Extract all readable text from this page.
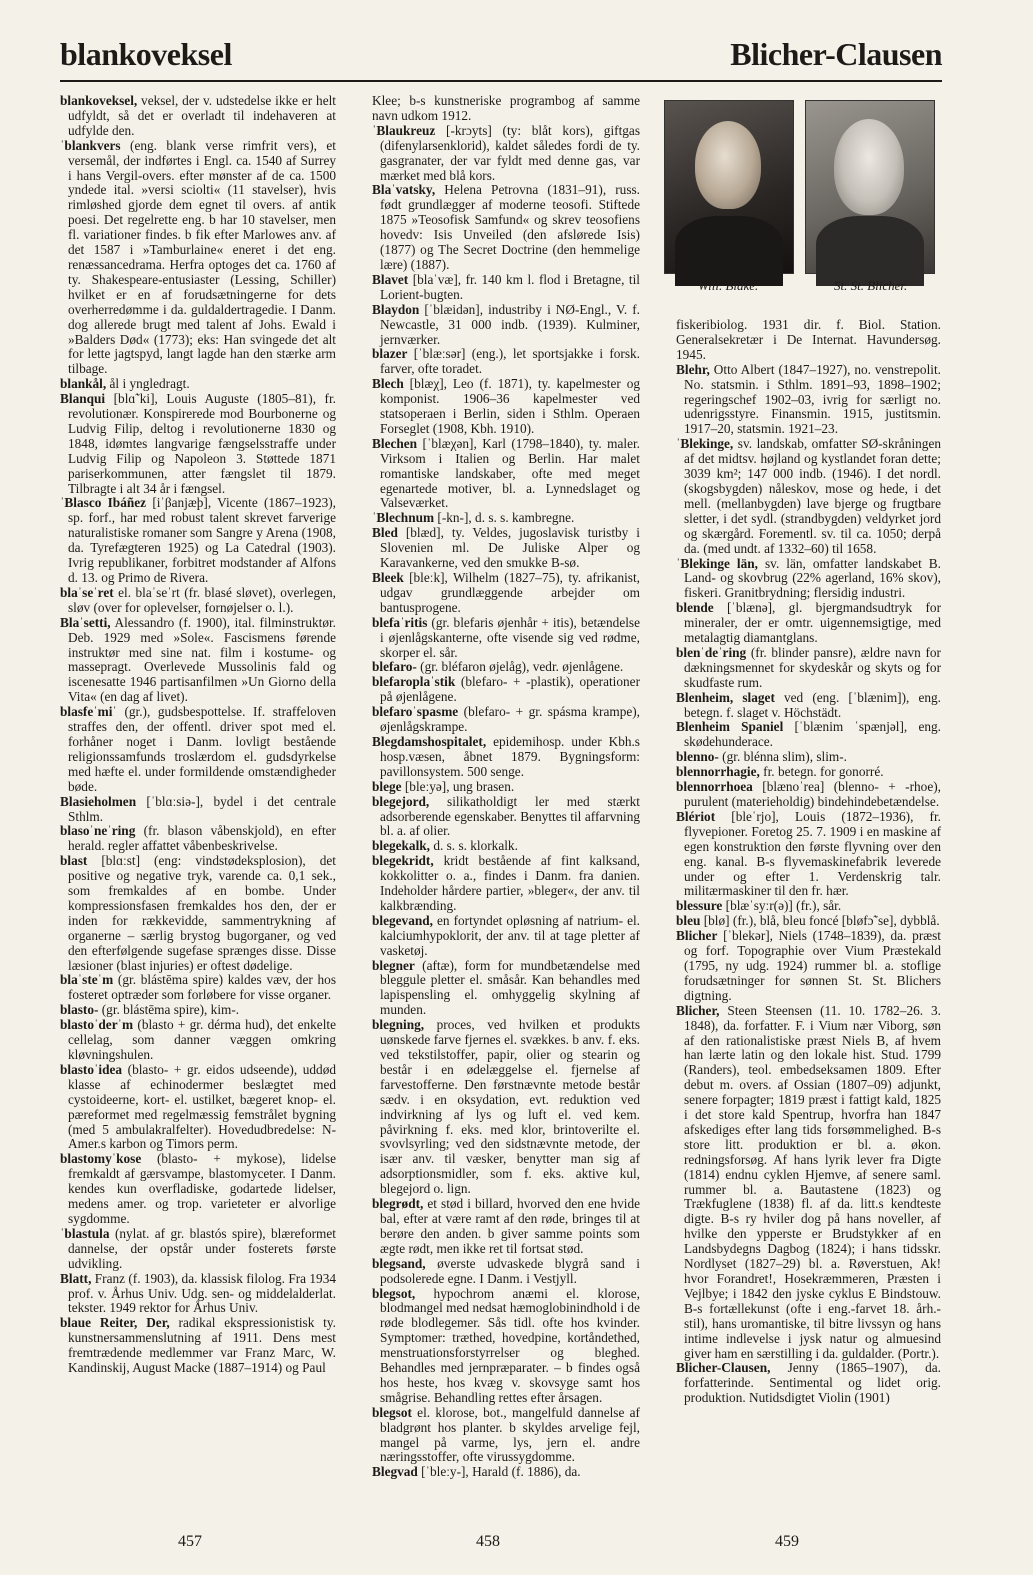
blankoveksel	Blicher-Clausen

blankoveksel, veksel, der v. udstedelse ikke er helt udfyldt, så det er overladt til indehaveren at udfylde den.

ˈblankvers (eng. blank verse rimfrit vers), et versemål, der indførtes i Engl. ca. 1540 af Surrey i hans Vergil-overs. efter mønster af de ca. 1500 yndede ital. »versi sciolti« (11 stavelser), hvis rimløshed gjorde dem egnet til overs. af antik poesi. Det regelrette eng. b har 10 stavelser, men fl. variationer findes. b fik efter Marlowes anv. af det 1587 i »Tamburlaine« eneret i det eng. renæssancedrama. Herfra optoges det ca. 1760 af ty. Shakespeare-entusiaster (Lessing, Schiller) hvilket er en af forudsætningerne for dets overherredømme i da. guldaldertragedie. I Danm. dog allerede brugt med talent af Johs. Ewald i »Balders Død« (1773); eks: Han svingede det alt for lette jagtspyd, langt lagde han den stærke arm tilbage.

blankål, ål i yngledragt.

Blanqui [blɑ̃ˈki], Louis Auguste (1805–81), fr. revolutionær. Konspirerede mod Bourbonerne og Ludvig Filip, deltog i revolutionerne 1830 og 1848, idømtes langvarige fængselsstraffe under Ludvig Filip og Napoleon 3. Støttede 1871 pariserkommunen, atter fængslet til 1879. Tilbragte i alt 34 år i fængsel.

ˈBlasco Ibáñez [iˈβanjæþ], Vicente (1867–1923), sp. forf., har med robust talent skrevet farverige naturalistiske romaner som Sangre y Arena (1908, da. Tyrefægteren 1925) og La Catedral (1903). Ivrig republikaner, forbitret modstander af Alfons d. 13. og Primo de Rivera.

blaˈseˈret el. blaˈseˈrt (fr. blasé sløvet), overlegen, sløv (over for oplevelser, fornøjelser o. l.).

Blaˈsetti, Alessandro (f. 1900), ital. filminstruktør. Deb. 1929 med »Sole«. Fascismens førende instruktør med sine nat. film i kostume- og massepragt. Overlevede Mussolinis fald og iscenesatte 1946 partisanfilmen »Un Giorno della Vita« (en dag af livet).

blasfeˈmiˈ (gr.), gudsbespottelse. If. straffeloven straffes den, der offentl. driver spot med el. forhåner noget i Danm. lovligt bestående religionssamfunds troslærdom el. gudsdyrkelse med hæfte el. under formildende omstændigheder bøde.

Blasieholmen [ˈblɑːsiə-], bydel i det centrale Sthlm.

blasoˈneˈring (fr. blason våbenskjold), en efter herald. regler affattet våbenbeskrivelse.

blast [blɑːst] (eng: vindstødeksplosion), det positive og negative tryk, varende ca. 0,1 sek., som fremkaldes af en bombe. Under kompressionsfasen fremkaldes hos den, der er inden for rækkevidde, sammentrykning af organerne – særlig brystog bugorganer, og ved den efterfølgende sugefase sprænges disse. Disse læsioner (blast injuries) er oftest dødelige.

blaˈsteˈm (gr. blástēma spire) kaldes væv, der hos fosteret optræder som forløbere for visse organer.

blasto- (gr. blástēma spire), kim-.

blastoˈderˈm (blasto + gr. dérma hud), det enkelte cellelag, som danner væggen omkring kløvningshulen.

blastoˈidea (blasto- + gr. eidos udseende), uddød klasse af echinodermer beslægtet med cystoideerne, kort- el. ustilket, bægeret knop- el. pæreformet med regelmæssig femstrålet bygning (med 5 ambulakralfelter). Hovedudbredelse: N-Amer.s karbon og Timors perm.

blastomyˈkose (blasto- + mykose), lidelse fremkaldt af gærsvampe, blastomyceter. I Danm. kendes kun overfladiske, godartede lidelser, medens amer. og trop. varieteter er alvorlige sygdomme.

ˈblastula (nylat. af gr. blastós spire), blæreformet dannelse, der opstår under fosterets første udvikling.

Blatt, Franz (f. 1903), da. klassisk filolog. Fra 1934 prof. v. Århus Univ. Udg. sen- og middelalderlat. tekster. 1949 rektor for Århus Univ.

blaue Reiter, Der, radikal ekspressionistisk ty. kunstnersammenslutning af 1911. Dens mest fremtrædende medlemmer var Franz Marc, W. Kandinskij, August Macke (1887–1914) og Paul

Klee; b-s kunstneriske programbog af samme navn udkom 1912.

ˈBlaukreuz [-krɔyts] (ty: blåt kors), giftgas (difenylarsenklorid), kaldet således fordi de ty. gasgranater, der var fyldt med denne gas, var mærket med blå kors.

Blaˈvatsky, Helena Petrovna (1831–91), russ. født grundlægger af moderne teosofi. Stiftede 1875 »Teosofisk Samfund« og skrev teosofiens hovedv: Isis Unveiled (den afslørede Isis) (1877) og The Secret Doctrine (den hemmelige lære) (1887).

Blavet [blaˈvæ], fr. 140 km l. flod i Bretagne, til Lorient-bugten.

Blaydon [ˈblæidən], industriby i NØ-Engl., V. f. Newcastle, 31 000 indb. (1939). Kulminer, jernværker.

blazer [ˈblæːsər] (eng.), let sportsjakke i forsk. farver, ofte toradet.

Blech [blæχ], Leo (f. 1871), ty. kapelmester og komponist. 1906–36 kapelmester ved statsoperaen i Berlin, siden i Sthlm. Operaen Forseglet (1908, Kbh. 1910).

Blechen [ˈblæχən], Karl (1798–1840), ty. maler. Virksom i Italien og Berlin. Har malet romantiske landskaber, ofte med meget egenartede motiver, bl. a. Lynnedslaget og Valseværket.

ˈBlechnum [-kn-], d. s. s. kambregne.

Bled [blæd], ty. Veldes, jugoslavisk turistby i Slovenien ml. De Juliske Alper og Karavankerne, ved den smukke B-sø.

Bleek [bleːk], Wilhelm (1827–75), ty. afrikanist, udgav grundlæggende arbejder om bantusprogene.

blefaˈritis (gr. blefaris øjenhår + itis), betændelse i øjenlågskanterne, ofte visende sig ved rødme, skorper el. sår.

blefaro- (gr. bléfaron øjelåg), vedr. øjenlågene.

blefaroplaˈstik (blefaro- + -plastik), operationer på øjenlågene.

blefaroˈspasme (blefaro- + gr. spásma krampe), øjenlågskrampe.

Blegdamshospitalet, epidemihosp. under Kbh.s hosp.væsen, åbnet 1879. Bygningsform: pavillonsystem. 500 senge.

blege [bleːyə], ung brasen.

blegejord, silikatholdigt ler med stærkt adsorberende egenskaber. Benyttes til affarvning bl. a. af olier.

blegekalk, d. s. s. klorkalk.

blegekridt, kridt bestående af fint kalksand, kokkolitter o. a., findes i Danm. fra danien. Indeholder hårdere partier, »bleger«, der anv. til kalkbrænding.

blegevand, en fortyndet opløsning af natrium- el. kalciumhypoklorit, der anv. til at tage pletter af vasketøj.

blegner (aftæ), form for mundbetændelse med bleggule pletter el. småsår. Kan behandles med lapispensling el. omhyggelig skylning af munden.

blegning, proces, ved hvilken et produkts uønskede farve fjernes el. svækkes. b anv. f. eks. ved tekstilstoffer, papir, olier og stearin og består i en ødelæggelse el. fjernelse af farvestofferne. Den førstnævnte metode består sædv. i en oksydation, evt. reduktion ved indvirkning af lys og luft el. ved kem. påvirkning f. eks. med klor, brintoverilte el. svovlsyrling; ved den sidstnævnte metode, der især anv. til væsker, benytter man sig af adsorptionsmidler, som f. eks. aktive kul, blegejord o. lign.

blegrødt, et stød i billard, hvorved den ene hvide bal, efter at være ramt af den røde, bringes til at berøre den anden. b giver samme points som ægte rødt, men ikke ret til fortsat stød.

blegsand, øverste udvaskede blygrå sand i podsolerede egne. I Danm. i Vestjyll.

blegsot, hypochrom anæmi el. klorose, blodmangel med nedsat hæmoglobinindhold i de røde blodlegemer. Sås tidl. ofte hos kvinder. Symptomer: træthed, hovedpine, kortåndethed, menstruationsforstyrrelser og bleghed. Behandles med jernpræparater. – b findes også hos heste, hos kvæg v. skovsyge samt hos smågrise. Behandling rettes efter årsagen.

blegsot el. klorose, bot., mangelfuld dannelse af bladgrønt hos planter. b skyldes arvelige fejl, mangel på varme, lys, jern el. andre næringsstoffer, ofte virussygdomme.

Blegvad [ˈbleːy-], Harald (f. 1886), da.

Will. Blake.	St. St. Blicher.

fiskeribiolog. 1931 dir. f. Biol. Station. Generalsekretær i De Internat. Havundersøg. 1945.

Blehr, Otto Albert (1847–1927), no. venstrepolit. No. statsmin. i Sthlm. 1891–93, 1898–1902; regeringschef 1902–03, ivrig for særligt no. udenrigsstyre. Finansmin. 1915, justitsmin. 1917–20, statsmin. 1921–23.

ˈBlekinge, sv. landskab, omfatter SØ-skråningen af det midtsv. højland og kystlandet foran dette; 3039 km²; 147 000 indb. (1946). I det nordl. (skogsbygden) nåleskov, mose og hede, i det mell. (mellanbygden) lave bjerge og frugtbare sletter, i det sydl. (strandbygden) veldyrket jord og skærgård. Forementl. sv. til ca. 1050; derpå da. (med undt. af 1332–60) til 1658.

ˈBlekinge län, sv. län, omfatter landskabet B. Land- og skovbrug (22% agerland, 16% skov), fiskeri. Granitbrydning; flersidig industri.

blende [ˈblænə], gl. bjergmandsudtryk for mineraler, der er omtr. uigennemsigtige, med metalagtig diamantglans.

blenˈdeˈring (fr. blinder pansre), ældre navn for dækningsmennet for skydeskår og skyts og for skudfaste rum.

Blenheim, slaget ved (eng. [ˈblænim]), eng. betegn. f. slaget v. Höchstädt.

Blenheim Spaniel [ˈblænim ˈspænjəl], eng. skødehunderace.

blenno- (gr. blénna slim), slim-.

blennorrhagie, fr. betegn. for gonorré.

blennorrhoea [blænoˈrea] (blenno- + -rhoe), purulent (materieholdig) bindehindebetændelse.

Blériot [bleˈrjo], Louis (1872–1936), fr. flyvepioner. Foretog 25. 7. 1909 i en maskine af egen konstruktion den første flyvning over den eng. kanal. B-s flyvemaskinefabrik leverede under og efter 1. Verdenskrig talr. militærmaskiner til den fr. hær.

blessure [blæˈsyːr(ə)] (fr.), sår.

bleu [blø] (fr.), blå, bleu foncé [bløfɔ̃ˈse], dybblå.

Blicher [ˈblekər], Niels (1748–1839), da. præst og forf. Topographie over Vium Præstekald (1795, ny udg. 1924) rummer bl. a. stoflige forudsætninger for sønnen St. St. Blichers digtning.

Blicher, Steen Steensen (11. 10. 1782–26. 3. 1848), da. forfatter. F. i Vium nær Viborg, søn af den rationalistiske præst Niels B, af hvem han lærte latin og den lokale hist. Stud. 1799 (Randers), teol. embedseksamen 1809. Efter debut m. overs. af Ossian (1807–09) adjunkt, senere forpagter; 1819 præst i fattigt kald, 1825 i det store kald Spentrup, hvorfra han 1847 afskediges efter lang tids forsømmelighed. B-s store litt. produktion er bl. a. økon. redningsforsøg. Af hans lyrik lever fra Digte (1814) endnu cyklen Hjemve, af senere saml. rummer bl. a. Bautastene (1823) og Trækfuglene (1838) fl. af da. litt.s kendteste digte. B-s ry hviler dog på hans noveller, af hvilke den ypperste er Brudstykker af en Landsbydegns Dagbog (1824); i hans tidsskr. Nordlyset (1827–29) bl. a. Røverstuen, Ak! hvor Forandret!, Hosekræmmeren, Præsten i Vejlbye; i 1842 den jyske cyklus E Bindstouw. B-s fortællekunst (ofte i eng.-farvet 18. årh.-stil), hans uromantiske, til bitre livssyn og hans intime indlevelse i jysk natur og almuesind giver ham en særstilling i da. guldalder. (Portr.).

Blicher-Clausen, Jenny (1865–1907), da. forfatterinde. Sentimental og lidet orig. produktion. Nutidsdigtet Violin (1901)

457	458	459
